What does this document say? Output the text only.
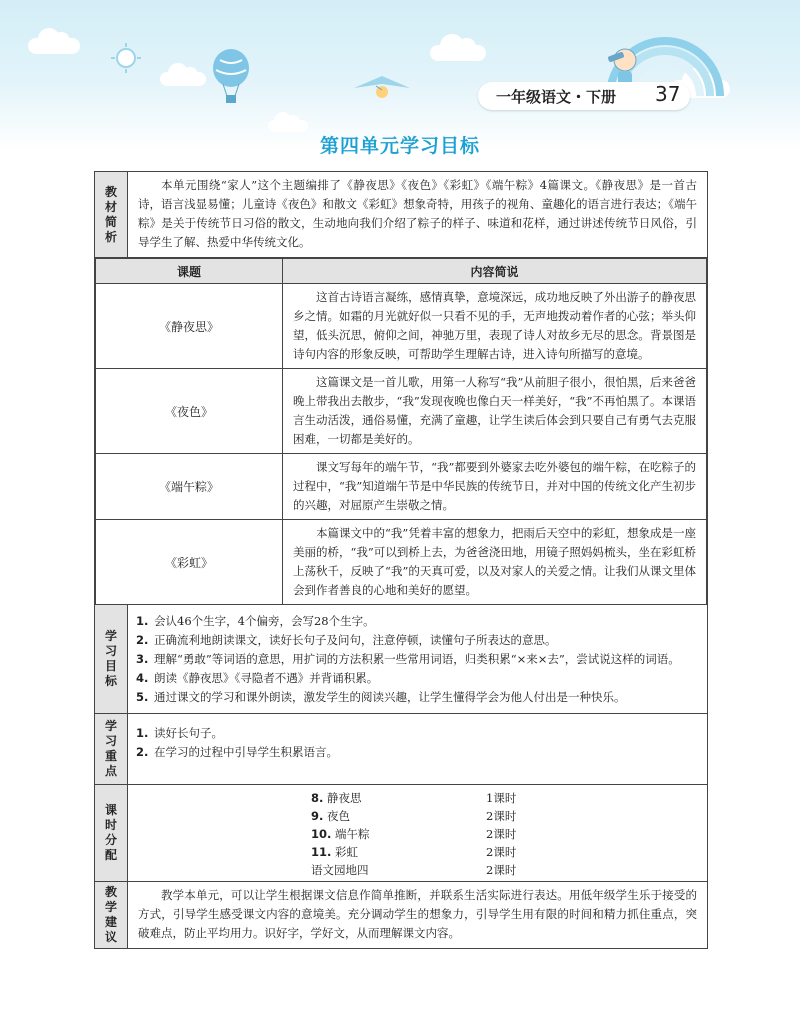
一年级语文・下册 37
第四单元学习目标
教材简析

本单元围绕“家人”这个主题编排了《静夜思》《夜色》《彩虹》《端午粽》4篇课文。《静夜思》是一首古诗，语言浅显易懂；儿童诗《夜色》和散文《彩虹》想象奇特，用孩子的视角、童趣化的语言进行表达；《端午粽》是关于传统节日习俗的散文，生动地向我们介绍了粽子的样子、味道和花样，通过讲述传统节日风俗，引导学生了解、热爱中华传统文化。

课题	内容简说
《静夜思》	这首古诗语言凝练，感情真挚，意境深远，成功地反映了外出游子的静夜思乡之情。如霜的月光就好似一只看不见的手，无声地拨动着作者的心弦；举头仰望，低头沉思，俯仰之间，神驰万里，表现了诗人对故乡无尽的思念。背景图是诗句内容的形象反映，可帮助学生理解古诗，进入诗句所描写的意境。
《夜色》	这篇课文是一首儿歌，用第一人称写“我”从前胆子很小，很怕黑，后来爸爸晚上带我出去散步，“我”发现夜晚也像白天一样美好，“我”不再怕黑了。本课语言生动活泼，通俗易懂，充满了童趣，让学生读后体会到只要自己有勇气去克服困难，一切都是美好的。
《端午粽》	课文写每年的端午节，“我”都要到外婆家去吃外婆包的端午粽，在吃粽子的过程中，“我”知道端午节是中华民族的传统节日，并对中国的传统文化产生初步的兴趣，对屈原产生崇敬之情。
《彩虹》	本篇课文中的“我”凭着丰富的想象力，把雨后天空中的彩虹，想象成是一座美丽的桥，“我”可以到桥上去，为爸爸浇田地，用镜子照妈妈梳头，坐在彩虹桥上荡秋千，反映了“我”的天真可爱，以及对家人的关爱之情。让我们从课文里体会到作者善良的心地和美好的愿望。

学习目标

1. 会认46个生字，4个偏旁，会写28个生字。
2. 正确流利地朗读课文，读好长句子及问句，注意停顿，读懂句子所表达的意思。
3. 理解“勇敢”等词语的意思，用扩词的方法积累一些常用词语，归类积累“×来×去”，尝试说这样的词语。
4. 朗读《静夜思》《寻隐者不遇》并背诵积累。
5. 通过课文的学习和课外朗读，激发学生的阅读兴趣，让学生懂得学会为他人付出是一种快乐。

学习重点

1. 读好长句子。
2. 在学习的过程中引导学生积累语言。

课时分配

8. 静夜思	1课时
9. 夜色	2课时
10. 端午粽	2课时
11. 彩虹	2课时
语文园地四	2课时

教学建议

教学本单元，可以让学生根据课文信息作简单推断，并联系生活实际进行表达。用低年级学生乐于接受的方式，引导学生感受课文内容的意境美。充分调动学生的想象力，引导学生用有限的时间和精力抓住重点，突破难点，防止平均用力。识好字，学好文，从而理解课文内容。
